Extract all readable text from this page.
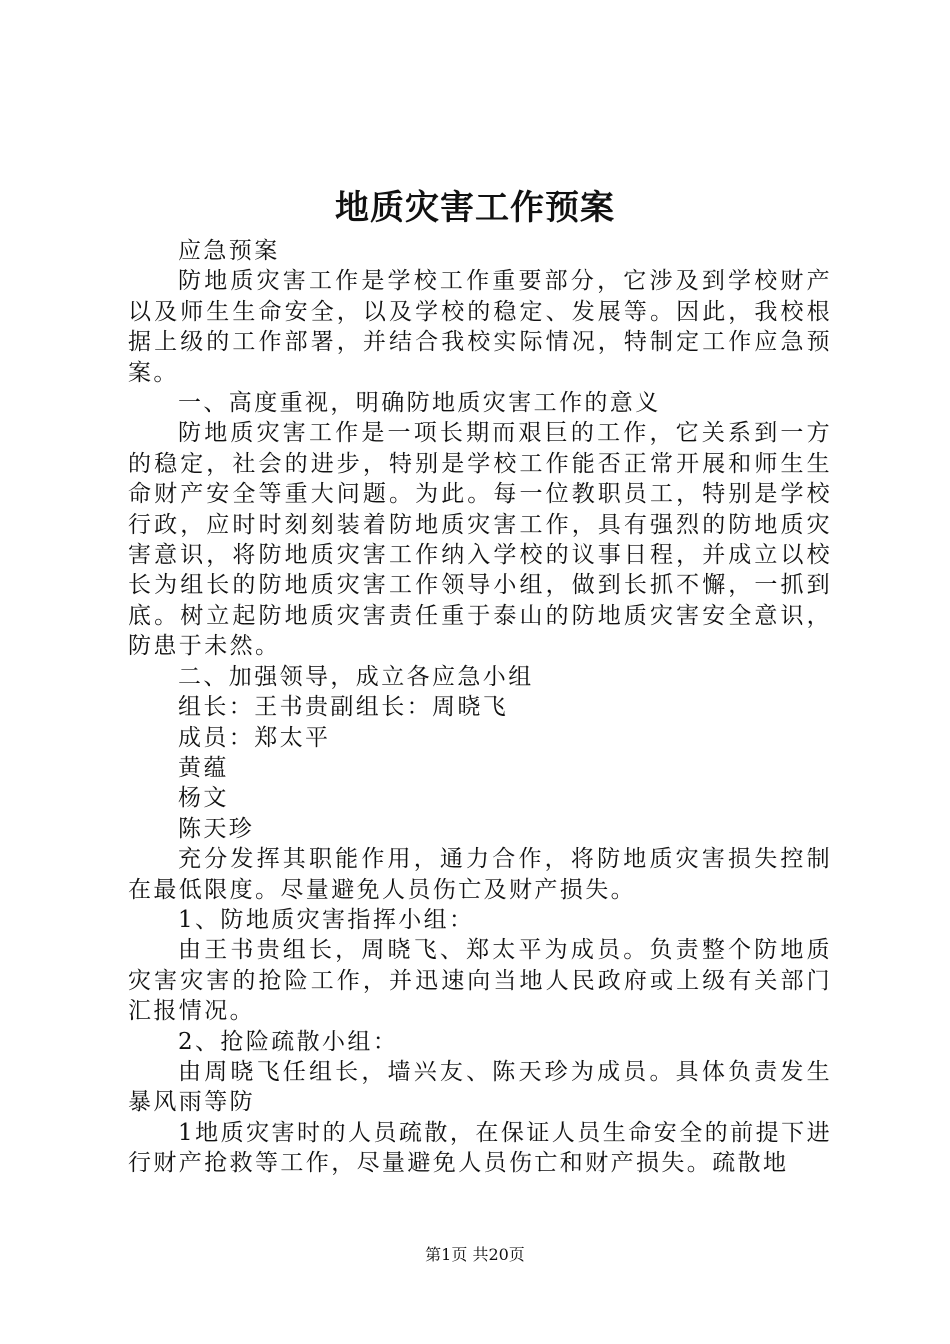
地质灾害工作预案

应急预案

防地质灾害工作是学校工作重要部分，它涉及到学校财产以及师生生命安全，以及学校的稳定、发展等。因此，我校根据上级的工作部署，并结合我校实际情况，特制定工作应急预案。

一、高度重视，明确防地质灾害工作的意义

防地质灾害工作是一项长期而艰巨的工作，它关系到一方的稳定，社会的进步，特别是学校工作能否正常开展和师生生命财产安全等重大问题。为此。每一位教职员工，特别是学校行政，应时时刻刻装着防地质灾害工作，具有强烈的防地质灾害意识，将防地质灾害工作纳入学校的议事日程，并成立以校长为组长的防地质灾害工作领导小组，做到长抓不懈，一抓到底。树立起防地质灾害责任重于泰山的防地质灾害安全意识，防患于未然。

二、加强领导，成立各应急小组

组长：王书贵副组长：周晓飞

成员：郑太平

黄蕴

杨文

陈天珍

充分发挥其职能作用，通力合作，将防地质灾害损失控制在最低限度。尽量避免人员伤亡及财产损失。

1、防地质灾害指挥小组：

由王书贵组长，周晓飞、郑太平为成员。负责整个防地质灾害灾害的抢险工作，并迅速向当地人民政府或上级有关部门汇报情况。

2、抢险疏散小组：

由周晓飞任组长，墙兴友、陈天珍为成员。具体负责发生暴风雨等防

1地质灾害时的人员疏散，在保证人员生命安全的前提下进行财产抢救等工作，尽量避免人员伤亡和财产损失。疏散地

第1页 共20页
